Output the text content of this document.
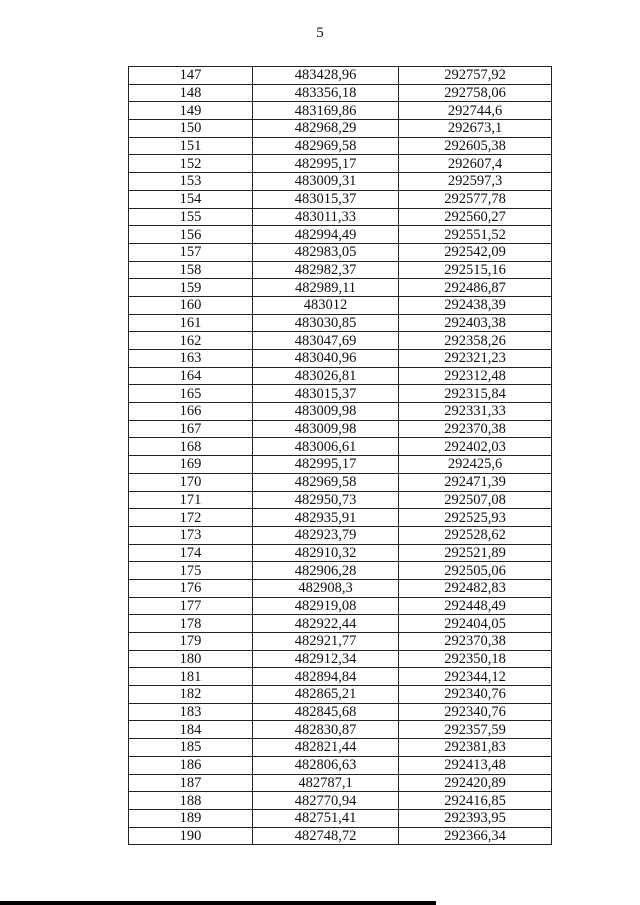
5
147	483428,96	292757,92
148	483356,18	292758,06
149	483169,86	292744,6
150	482968,29	292673,1
151	482969,58	292605,38
152	482995,17	292607,4
153	483009,31	292597,3
154	483015,37	292577,78
155	483011,33	292560,27
156	482994,49	292551,52
157	482983,05	292542,09
158	482982,37	292515,16
159	482989,11	292486,87
160	483012	292438,39
161	483030,85	292403,38
162	483047,69	292358,26
163	483040,96	292321,23
164	483026,81	292312,48
165	483015,37	292315,84
166	483009,98	292331,33
167	483009,98	292370,38
168	483006,61	292402,03
169	482995,17	292425,6
170	482969,58	292471,39
171	482950,73	292507,08
172	482935,91	292525,93
173	482923,79	292528,62
174	482910,32	292521,89
175	482906,28	292505,06
176	482908,3	292482,83
177	482919,08	292448,49
178	482922,44	292404,05
179	482921,77	292370,38
180	482912,34	292350,18
181	482894,84	292344,12
182	482865,21	292340,76
183	482845,68	292340,76
184	482830,87	292357,59
185	482821,44	292381,83
186	482806,63	292413,48
187	482787,1	292420,89
188	482770,94	292416,85
189	482751,41	292393,95
190	482748,72	292366,34
